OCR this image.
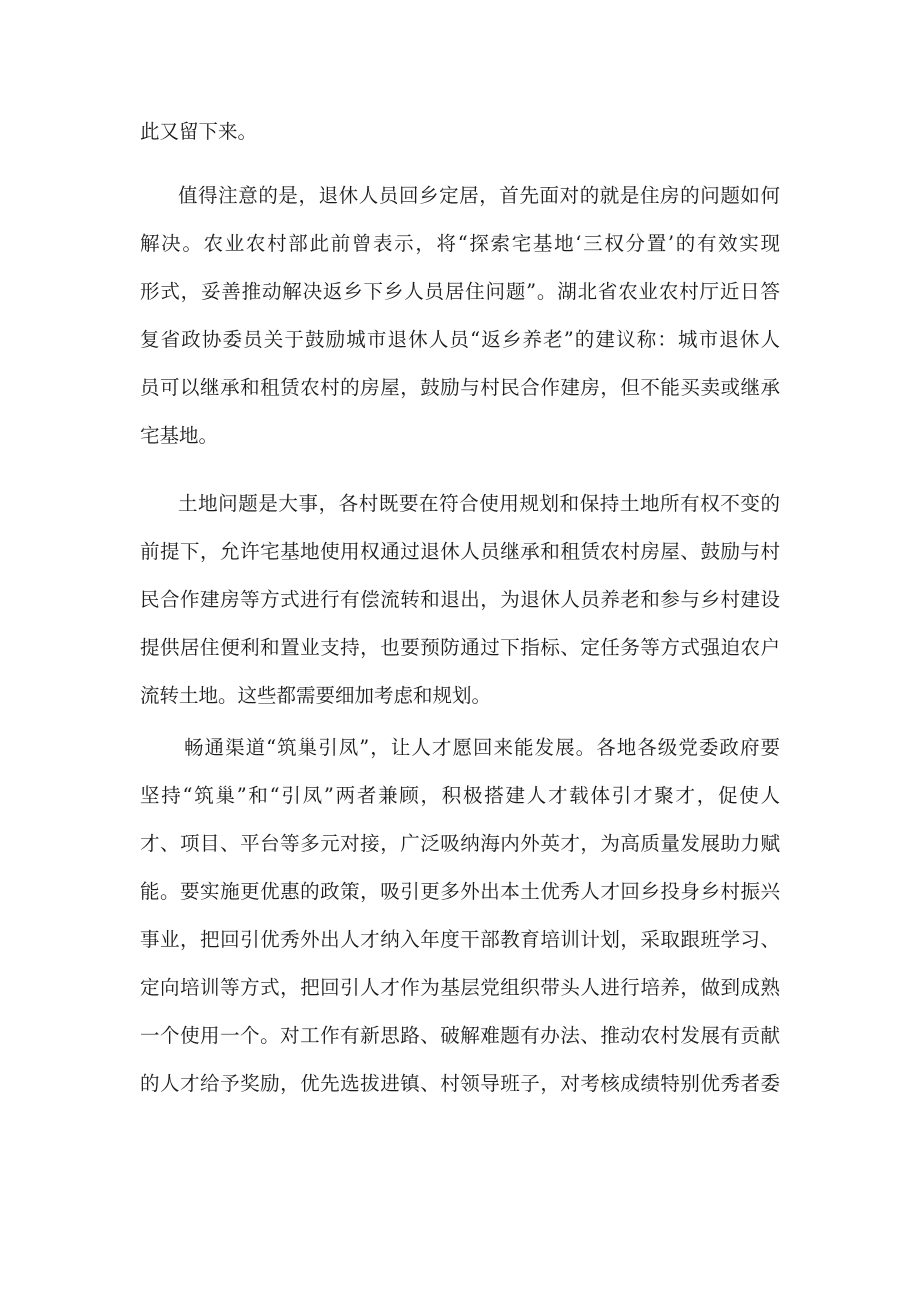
此又留下来。

值得注意的是，退休人员回乡定居，首先面对的就是住房的问题如何

解决。农业农村部此前曾表示，将“探索宅基地‘三权分置’的有效实现

形式，妥善推动解决返乡下乡人员居住问题”。湖北省农业农村厅近日答

复省政协委员关于鼓励城市退休人员“返乡养老”的建议称：城市退休人

员可以继承和租赁农村的房屋，鼓励与村民合作建房，但不能买卖或继承

宅基地。

土地问题是大事，各村既要在符合使用规划和保持土地所有权不变的

前提下，允许宅基地使用权通过退休人员继承和租赁农村房屋、鼓励与村

民合作建房等方式进行有偿流转和退出，为退休人员养老和参与乡村建设

提供居住便利和置业支持，也要预防通过下指标、定任务等方式强迫农户

流转土地。这些都需要细加考虑和规划。

畅通渠道“筑巢引凤”，让人才愿回来能发展。各地各级党委政府要

坚持“筑巢”和“引凤”两者兼顾，积极搭建人才载体引才聚才，促使人

才、项目、平台等多元对接，广泛吸纳海内外英才，为高质量发展助力赋

能。要实施更优惠的政策，吸引更多外出本土优秀人才回乡投身乡村振兴

事业，把回引优秀外出人才纳入年度干部教育培训计划，采取跟班学习、

定向培训等方式，把回引人才作为基层党组织带头人进行培养，做到成熟

一个使用一个。对工作有新思路、破解难题有办法、推动农村发展有贡献

的人才给予奖励，优先选拔进镇、村领导班子，对考核成绩特别优秀者委
